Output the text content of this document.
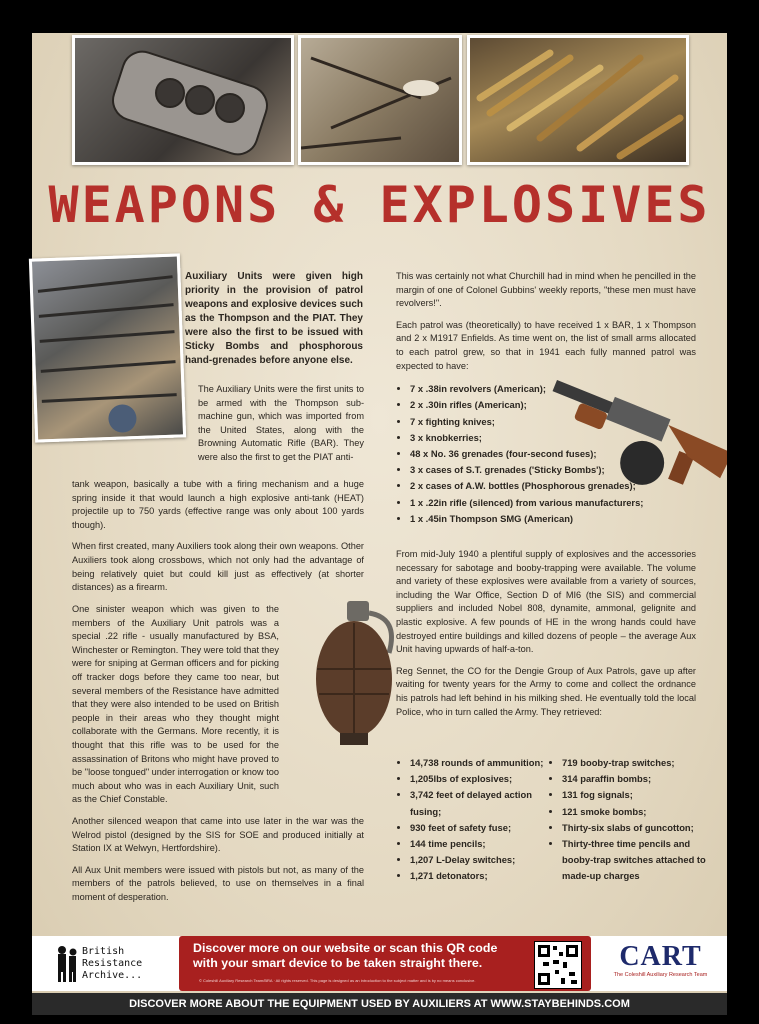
WEAPONS & EXPLOSIVES
Auxiliary Units were given high priority in the provision of patrol weapons and explosive devices such as the Thompson and the PIAT. They were also the first to be issued with Sticky Bombs and phosphorous hand-grenades before anyone else.

The Auxiliary Units were the first units to be armed with the Thompson sub-machine gun, which was imported from the United States, along with the Browning Automatic Rifle (BAR). They were also the first to get the PIAT anti-

tank weapon, basically a tube with a firing mechanism and a huge spring inside it that would launch a high explosive anti-tank (HEAT) projectile up to 750 yards (effective range was only about 100 yards though).

When first created, many Auxiliers took along their own weapons. Other Auxiliers took along crossbows, which not only had the advantage of being relatively quiet but could kill just as effectively (at shorter distances) as a firearm.

One sinister weapon which was given to the members of the Auxiliary Unit patrols was a special .22 rifle - usually manufactured by BSA, Winchester or Remington. They were told that they were for sniping at German officers and for picking off tracker dogs before they came too near, but several members of the Resistance have admitted that they were also intended to be used on British people in their areas who they thought might collaborate with the Germans. More recently, it is thought that this rifle was to be used for the assassination of Britons who might have proved to be "loose tongued" under interrogation or know too much about who was in each Auxiliary Unit, such as the Chief Constable.

Another silenced weapon that came into use later in the war was the Welrod pistol (designed by the SIS for SOE and produced initially at Station IX at Welwyn, Hertfordshire).

All Aux Unit members were issued with pistols but not, as many of the members of the patrols believed, to use on themselves in a final moment of desperation.

This was certainly not what Churchill had in mind when he pencilled in the margin of one of Colonel Gubbins' weekly reports, "these men must have revolvers!".

Each patrol was (theoretically) to have received 1 x BAR, 1 x Thompson and 2 x M1917 Enfields. As time went on, the list of small arms allocated to each patrol grew, so that in 1941 each fully manned patrol was expected to have:

• 7 x .38in revolvers (American);
• 2 x .30in rifles (American);
• 7 x fighting knives;
• 3 x knobkerries;
• 48 x No. 36 grenades (four-second fuses);
• 3 x cases of S.T. grenades ('Sticky Bombs');
• 2 x cases of A.W. bottles (Phosphorous grenades);
• 1 x .22in rifle (silenced) from various manufacturers;
• 1 x .45in Thompson SMG (American)

From mid-July 1940 a plentiful supply of explosives and the accessories necessary for sabotage and booby-trapping were available. The volume and variety of these explosives were available from a variety of sources, including the War Office, Section D of MI6 (the SIS) and commercial suppliers and included Nobel 808, dynamite, ammonal, gelignite and plastic explosive. A few pounds of HE in the wrong hands could have destroyed entire buildings and killed dozens of people – the average Aux Unit having upwards of half-a-ton.

Reg Sennet, the CO for the Dengie Group of Aux Patrols, gave up after waiting for twenty years for the Army to come and collect the ordnance his patrols had left behind in his milking shed. He eventually told the local Police, who in turn called the Army. They retrieved:

• 14,738 rounds of ammunition;
• 1,205lbs of explosives;
• 3,742 feet of delayed action fusing;
• 930 feet of safety fuse;
• 144 time pencils;
• 1,207 L-Delay switches;
• 1,271 detonators;
• 719 booby-trap switches;
• 314 paraffin bombs;
• 131 fog signals;
• 121 smoke bombs;
• Thirty-six slabs of guncotton;
• Thirty-three time pencils and booby-trap switches attached to made-up charges
British
Resistance
Archive...
Discover more on our website or scan this QR code with your smart device to be taken straight there.
© Coleshill Auxiliary Research Team/BRA · All rights reserved. This page is designed as an introduction to the subject matter and is by no means conclusive.
CART
The Coleshill Auxiliary Research Team
DISCOVER MORE ABOUT THE EQUIPMENT USED BY AUXILIERS AT WWW.STAYBEHINDS.COM
